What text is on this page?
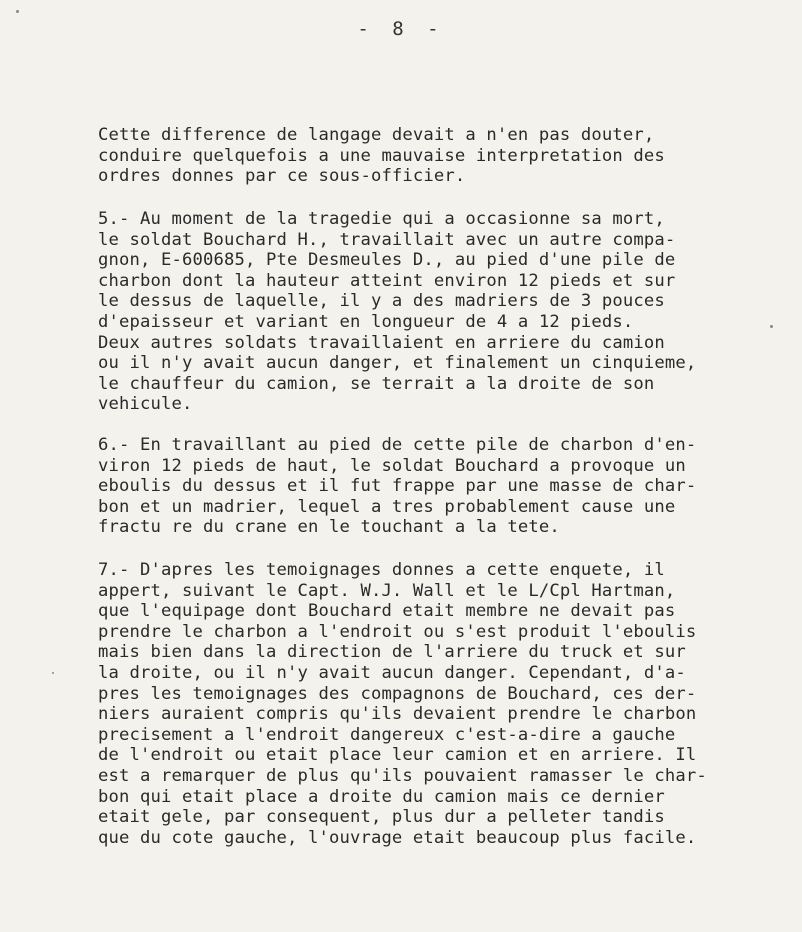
- 8 -
Cette difference de langage devait a n'en pas douter,
conduire quelquefois a une mauvaise interpretation des
ordres donnes par ce sous-officier.
5.- Au moment de la tragedie qui a occasionne sa mort,
le soldat Bouchard H., travaillait avec un autre compa-
gnon, E-600685, Pte Desmeules D., au pied d'une pile de
charbon dont la hauteur atteint environ 12 pieds et sur
le dessus de laquelle, il y a des madriers de 3 pouces
d'epaisseur et variant en longueur de 4 a 12 pieds.
Deux autres soldats travaillaient en arriere du camion
ou il n'y avait aucun danger, et finalement un cinquieme,
le chauffeur du camion, se terrait a la droite de son
vehicule.
6.- En travaillant au pied de cette pile de charbon d'en-
viron 12 pieds de haut, le soldat Bouchard a provoque un
eboulis du dessus et il fut frappe par une masse de char-
bon et un madrier, lequel a tres probablement cause une
fractu re du crane en le touchant a la tete.
7.- D'apres les temoignages donnes a cette enquete, il
appert, suivant le Capt. W.J. Wall et le L/Cpl Hartman,
que l'equipage dont Bouchard etait membre ne devait pas
prendre le charbon a l'endroit ou s'est produit l'eboulis
mais bien dans la direction de l'arriere du truck et sur
la droite, ou il n'y avait aucun danger. Cependant, d'a-
pres les temoignages des compagnons de Bouchard, ces der-
niers auraient compris qu'ils devaient prendre le charbon
precisement a l'endroit dangereux c'est-a-dire a gauche
de l'endroit ou etait place leur camion et en arriere. Il
est a remarquer de plus qu'ils pouvaient ramasser le char-
bon qui etait place a droite du camion mais ce dernier
etait gele, par consequent, plus dur a pelleter tandis
que du cote gauche, l'ouvrage etait beaucoup plus facile.
